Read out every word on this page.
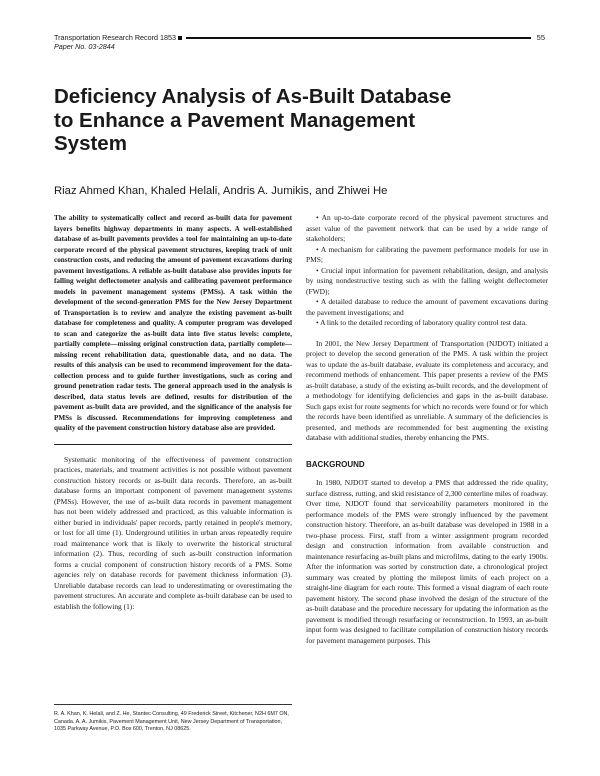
Transportation Research Record 1853	55
Paper No. 03-2844
Deficiency Analysis of As-Built Database to Enhance a Pavement Management System
Riaz Ahmed Khan, Khaled Helali, Andris A. Jumikis, and Zhiwei He

The ability to systematically collect and record as-built data for pavement layers benefits highway departments in many aspects. A well-established database of as-built pavements provides a tool for maintaining an up-to-date corporate record of the physical pavement structures, keeping track of unit construction costs, and reducing the amount of pavement excavations during pavement investigations. A reliable as-built database also provides inputs for falling weight deflectometer analysis and calibrating pavement performance models in pavement management systems (PMSs). A task within the development of the second-generation PMS for the New Jersey Department of Transportation is to review and analyze the existing pavement as-built database for completeness and quality. A computer program was developed to scan and categorize the as-built data into five status levels: complete, partially complete—missing original construction data, partially complete—missing recent rehabilitation data, questionable data, and no data. The results of this analysis can be used to recommend improvement for the data-collection process and to guide further investigations, such as coring and ground penetration radar tests. The general approach used in the analysis is described, data status levels are defined, results for distribution of the pavement as-built data are provided, and the significance of the analysis for PMSs is discussed. Recommendations for improving completeness and quality of the pavement construction history database also are provided.

Systematic monitoring of the effectiveness of pavement construction practices, materials, and treatment activities is not possible without pavement construction history records or as-built data records. Therefore, an as-built database forms an important component of pavement management systems (PMSs). However, the use of as-built data records in pavement management has not been widely addressed and practiced, as this valuable information is either buried in individuals' paper records, partly retained in people's memory, or lost for all time (1). Underground utilities in urban areas repeatedly require road maintenance work that is likely to overwrite the historical structural information (2). Thus, recording of such as-built construction information forms a crucial component of construction history records of a PMS. Some agencies rely on database records for pavement thickness information (3). Unreliable database records can lead to underestimating or overestimating the pavement structures. An accurate and complete as-built database can be used to establish the following (1):

R. A. Khan, K. Helali, and Z. He, Stantec Consulting, 49 Frederick Street, Kitchener, N2H 6M7 ON, Canada. A. A. Jumikis, Pavement Management Unit, New Jersey Department of Transportation, 1035 Parkway Avenue, P.O. Box 600, Trenton, NJ 08625.
• An up-to-date corporate record of the physical pavement structures and asset value of the pavement network that can be used by a wide range of stakeholders;
• A mechanism for calibrating the pavement performance models for use in PMS;
• Crucial input information for pavement rehabilitation, design, and analysis by using nondestructive testing such as with the falling weight deflectometer (FWD);
• A detailed database to reduce the amount of pavement excavations during the pavement investigations; and
• A link to the detailed recording of laboratory quality control test data.

In 2001, the New Jersey Department of Transportation (NJDOT) initiated a project to develop the second generation of the PMS. A task within the project was to update the as-built database, evaluate its completeness and accuracy, and recommend methods of enhancement. This paper presents a review of the PMS as-built database, a study of the existing as-built records, and the development of a methodology for identifying deficiencies and gaps in the as-built database. Such gaps exist for route segments for which no records were found or for which the records have been identified as unreliable. A summary of the deficiencies is presented, and methods are recommended for best augmenting the existing database with additional studies, thereby enhancing the PMS.

BACKGROUND

In 1980, NJDOT started to develop a PMS that addressed the ride quality, surface distress, rutting, and skid resistance of 2,300 centerline miles of roadway. Over time, NJDOT found that serviceability parameters monitored in the performance models of the PMS were strongly influenced by the pavement construction history. Therefore, an as-built database was developed in 1988 in a two-phase process. First, staff from a winter assignment program recorded design and construction information from available construction and maintenance resurfacing as-built plans and microfilms, dating to the early 1900s. After the information was sorted by construction date, a chronological project summary was created by plotting the milepost limits of each project on a straight-line diagram for each route. This formed a visual diagram of each route pavement history. The second phase involved the design of the structure of the as-built database and the procedure necessary for updating the information as the pavement is modified through resurfacing or reconstruction. In 1993, an as-built input form was designed to facilitate compilation of construction history records for pavement management purposes. This
